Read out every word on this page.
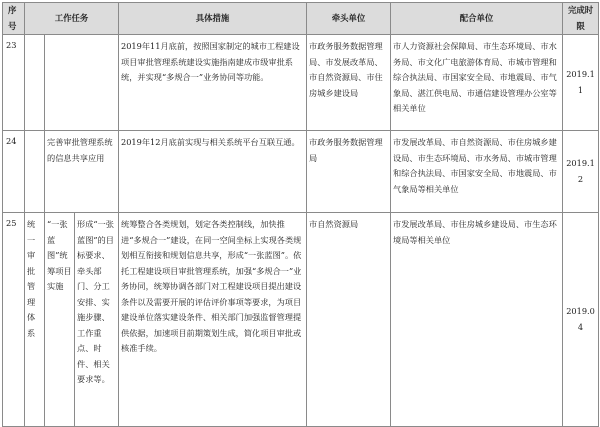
序号	工作任务			具体措施	牵头单位	配合单位	完成时限
23				2019年11月底前，按照国家制定的城市工程建设项目审批管理系统建设实施指南建成市级审批系统，并实现“多规合一”业务协同等功能。	市政务服务数据管理局、市发展改革局、市自然资源局、市住房城乡建设局	市人力资源社会保障局、市生态环境局、市水务局、市文化广电旅游体育局、市城市管理和综合执法局、市国家安全局、市地震局、市气象局、湛江供电局、市通信建设管理办公室等相关单位	2019.11
24		完善审批管理系统的信息共享应用		2019年12月底前实现与相关系统平台互联互通。	市政务服务数据管理局	市发展改革局、市自然资源局、市住房城乡建设局、市生态环境局、市水务局、市城市管理和综合执法局、市国家安全局、市地震局、市气象局等相关单位	2019.12
25	统一审批管理体系	“一张蓝图”统筹项目实施	形成“一张蓝图”的目标要求、牵头部门、分工安排、实施步骤、工作重点、时件、相关要求等。	统筹整合各类规划，划定各类控制线，加快推进“多规合一”建设，在同一空间坐标上实现各类规划相互衔接和规划信息共享，形成“一张蓝图”。依托工程建设项目审批管理系统，加强“多规合一”业务协同，统筹协调各部门对工程建设项目提出建设条件以及需要开展的评估评价事项等要求，为项目建设单位落实建设条件、相关部门加强监督管理提供依据，加速项目前期策划生成，简化项目审批或核准手续。	市自然资源局	市发展改革局、市住房城乡建设局、市生态环境局等相关单位	2019.04
